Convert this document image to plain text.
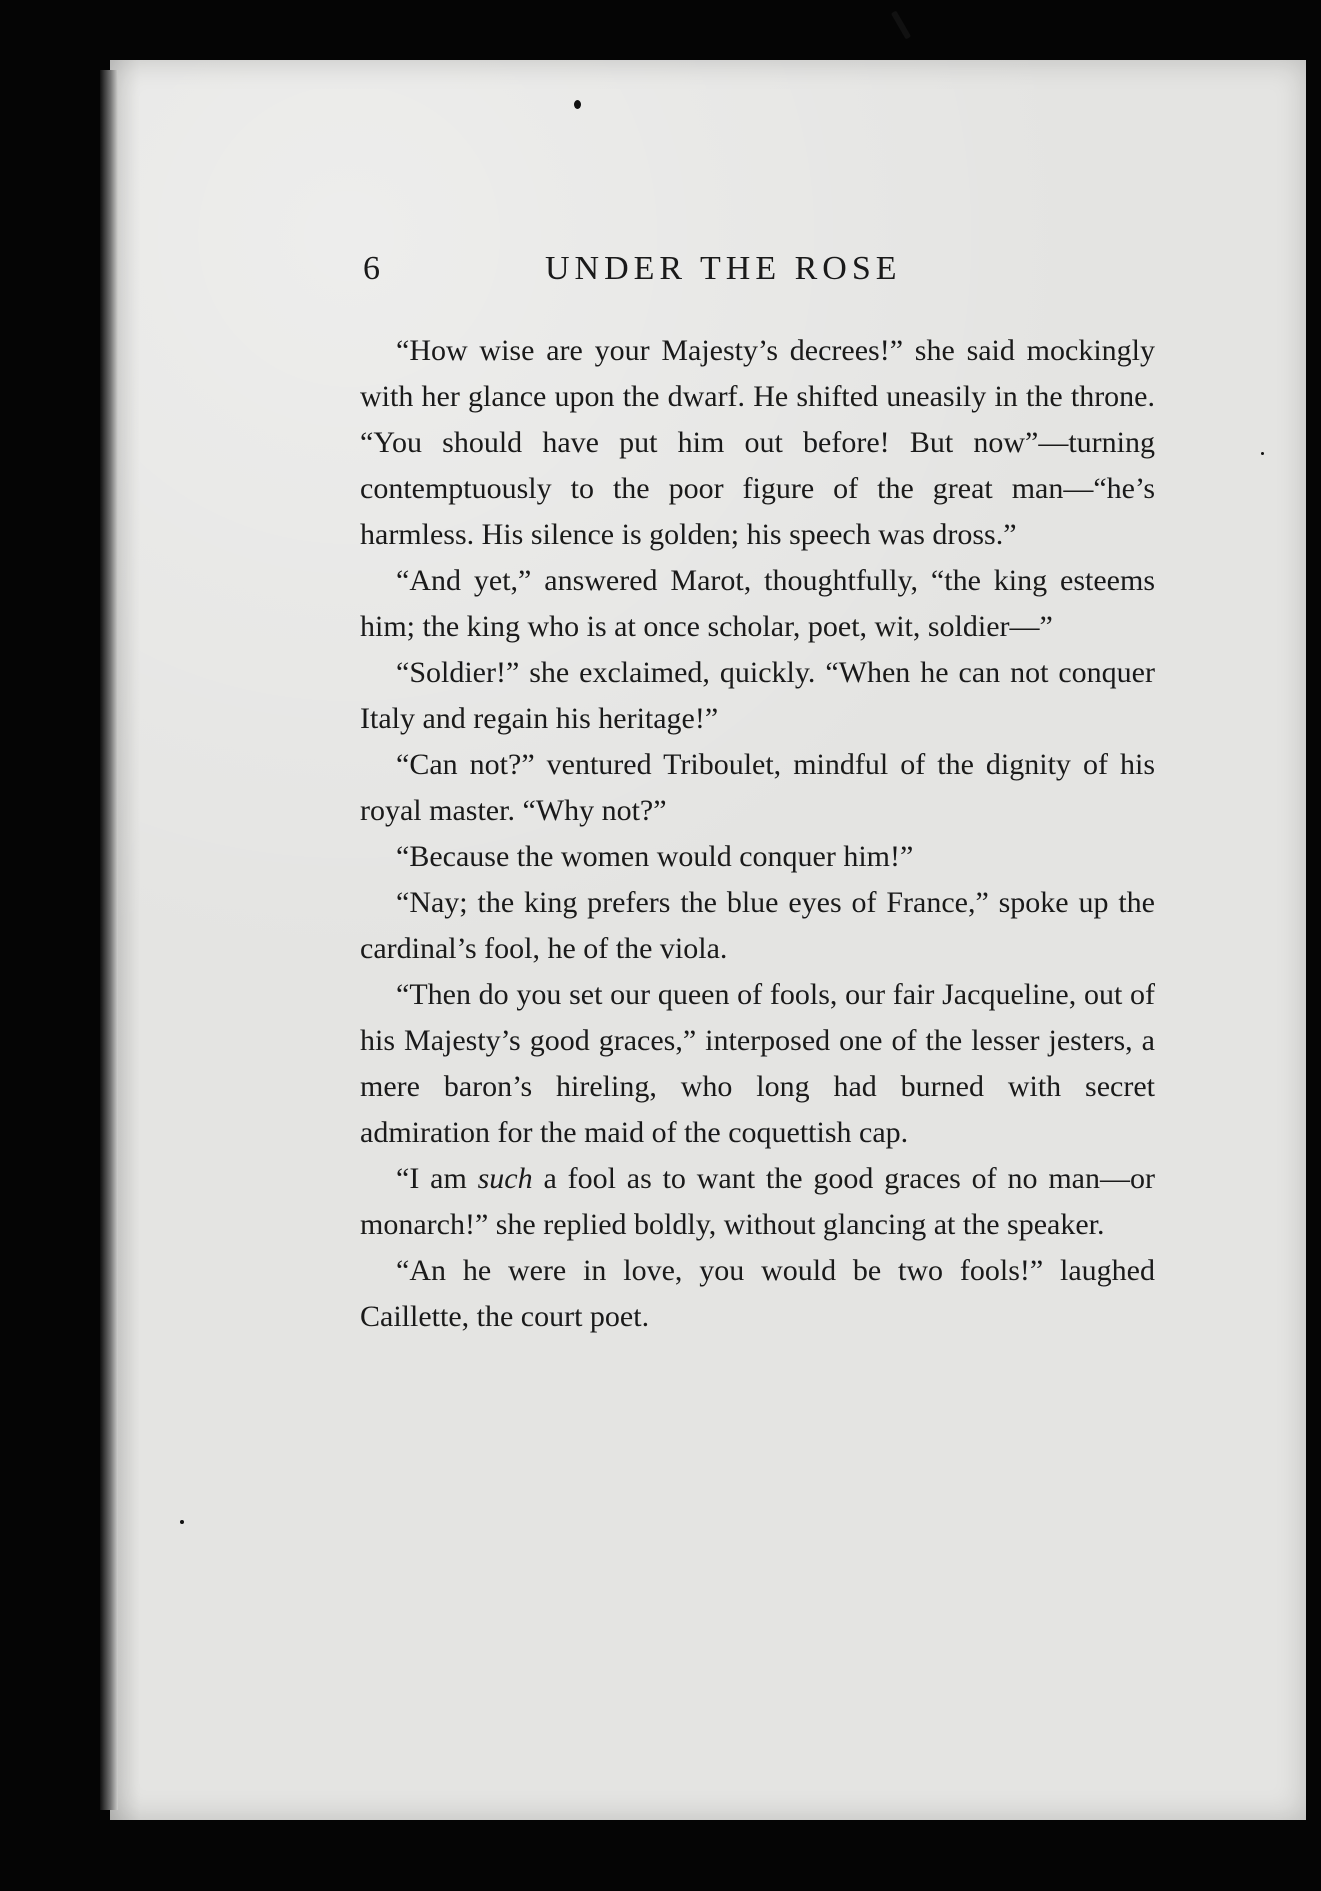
6	UNDER THE ROSE

“How wise are your Majesty’s decrees!” she said mockingly with her glance upon the dwarf. He shifted uneasily in the throne. “You should have put him out before! But now”—turning contemptuously to the poor figure of the great man—“he’s harmless. His silence is golden; his speech was dross.”

“And yet,” answered Marot, thoughtfully, “the king esteems him; the king who is at once scholar, poet, wit, soldier—”

“Soldier!” she exclaimed, quickly. “When he can not conquer Italy and regain his heritage!”

“Can not?” ventured Triboulet, mindful of the dignity of his royal master. “Why not?”

“Because the women would conquer him!”

“Nay; the king prefers the blue eyes of France,” spoke up the cardinal’s fool, he of the viola.

“Then do you set our queen of fools, our fair Jacqueline, out of his Majesty’s good graces,” interposed one of the lesser jesters, a mere baron’s hireling, who long had burned with secret admiration for the maid of the coquettish cap.

“I am such a fool as to want the good graces of no man—or monarch!” she replied boldly, without glancing at the speaker.

“An he were in love, you would be two fools!” laughed Caillette, the court poet.
